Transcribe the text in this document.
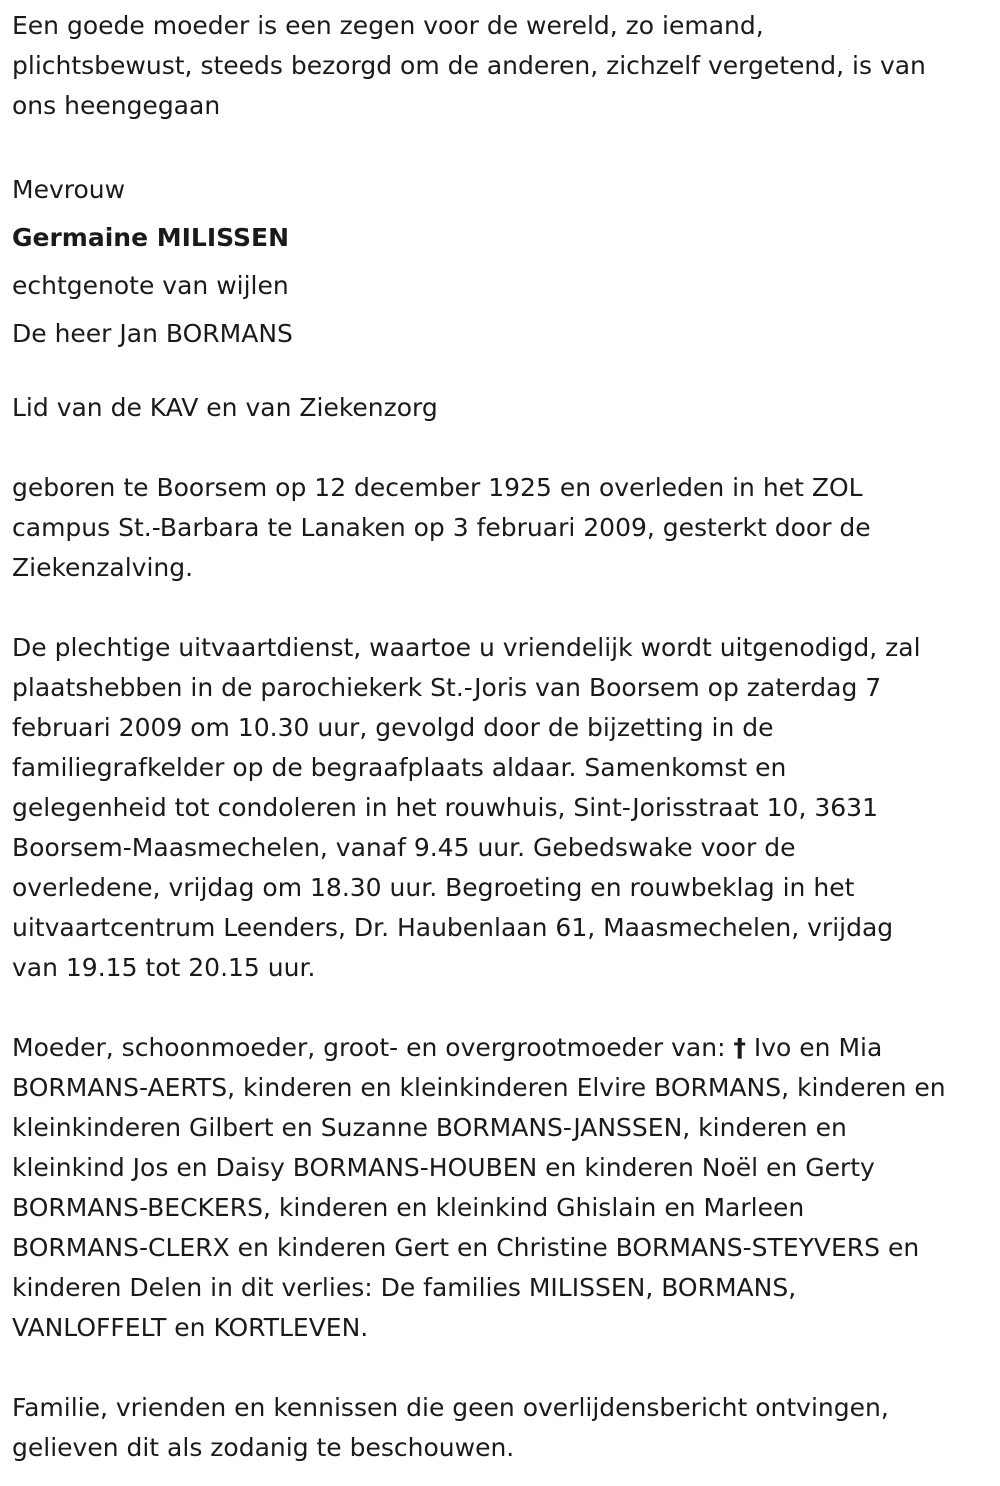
Een goede moeder is een zegen voor de wereld, zo iemand,
plichtsbewust, steeds bezorgd om de anderen, zichzelf vergetend, is van
ons heengegaan

Mevrouw

Germaine MILISSEN

echtgenote van wijlen

De heer Jan BORMANS

Lid van de KAV en van Ziekenzorg

geboren te Boorsem op 12 december 1925 en overleden in het ZOL
campus St.-Barbara te Lanaken op 3 februari 2009, gesterkt door de
Ziekenzalving.

De plechtige uitvaartdienst, waartoe u vriendelijk wordt uitgenodigd, zal
plaatshebben in de parochiekerk St.-Joris van Boorsem op zaterdag 7
februari 2009 om 10.30 uur, gevolgd door de bijzetting in de
familiegrafkelder op de begraafplaats aldaar. Samenkomst en
gelegenheid tot condoleren in het rouwhuis, Sint-Jorisstraat 10, 3631
Boorsem-Maasmechelen, vanaf 9.45 uur. Gebedswake voor de
overledene, vrijdag om 18.30 uur. Begroeting en rouwbeklag in het
uitvaartcentrum Leenders, Dr. Haubenlaan 61, Maasmechelen, vrijdag
van 19.15 tot 20.15 uur.

Moeder, schoonmoeder, groot- en overgrootmoeder van: † Ivo en Mia
BORMANS-AERTS, kinderen en kleinkinderen Elvire BORMANS, kinderen en
kleinkinderen Gilbert en Suzanne BORMANS-JANSSEN, kinderen en
kleinkind Jos en Daisy BORMANS-HOUBEN en kinderen Noël en Gerty
BORMANS-BECKERS, kinderen en kleinkind Ghislain en Marleen
BORMANS-CLERX en kinderen Gert en Christine BORMANS-STEYVERS en
kinderen Delen in dit verlies: De families MILISSEN, BORMANS,
VANLOFFELT en KORTLEVEN.

Familie, vrienden en kennissen die geen overlijdensbericht ontvingen,
gelieven dit als zodanig te beschouwen.
